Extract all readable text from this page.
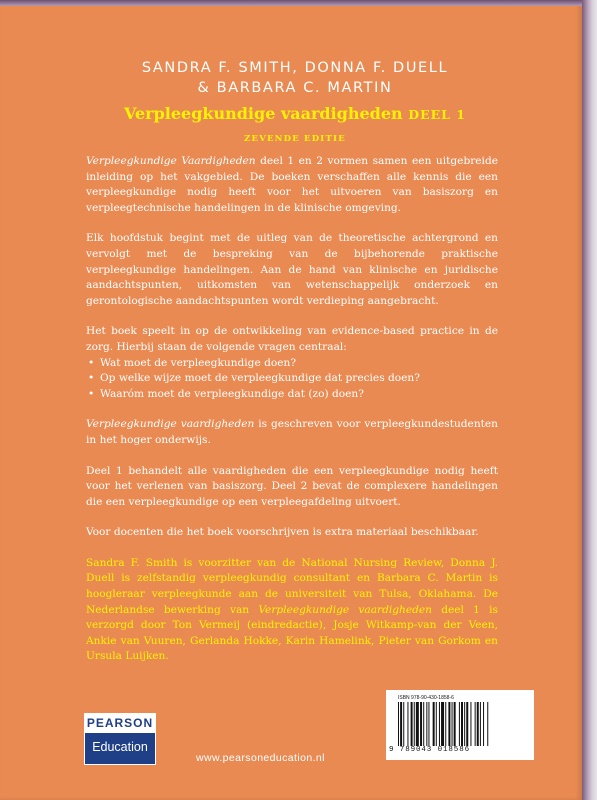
SANDRA F. SMITH, DONNA F. DUELL
& BARBARA C. MARTIN
Verpleegkundige vaardigheden DEEL 1
ZEVENDE EDITIE

Verpleegkundige Vaardigheden deel 1 en 2 vormen samen een uitgebreide inleiding op het vakgebied. De boeken verschaffen alle kennis die een verpleegkundige nodig heeft voor het uitvoeren van basiszorg en verpleegtechnische handelingen in de klinische omgeving.

Elk hoofdstuk begint met de uitleg van de theoretische achtergrond en vervolgt met de bespreking van de bijbehorende praktische verpleegkundige handelingen. Aan de hand van klinische en juridische aandachtspunten, uitkomsten van wetenschappelijk onderzoek en gerontologische aandachtspunten wordt verdieping aangebracht.

Het boek speelt in op de ontwikkeling van evidence-based practice in de zorg. Hierbij staan de volgende vragen centraal:

• Wat moet de verpleegkundige doen?
• Op welke wijze moet de verpleegkundige dat precies doen?
• Waaróm moet de verpleegkundige dat (zo) doen?

Verpleegkundige vaardigheden is geschreven voor verpleegkundestudenten in het hoger onderwijs.

Deel 1 behandelt alle vaardigheden die een verpleegkundige nodig heeft voor het verlenen van basiszorg. Deel 2 bevat de complexere handelingen die een verpleegkundige op een verpleegafdeling uitvoert.

Voor docenten die het boek voorschrijven is extra materiaal beschikbaar.

Sandra F. Smith is voorzitter van de National Nursing Review, Donna J. Duell is zelfstandig verpleegkundig consultant en Barbara C. Martin is hoogleraar verpleegkunde aan de universiteit van Tulsa, Oklahama. De Nederlandse bewerking van Verpleegkundige vaardigheden deel 1 is verzorgd door Ton Vermeij (eindredactie), Josje Witkamp-van der Veen, Ankie van Vuuren, Gerlanda Hokke, Karin Hamelink, Pieter van Gorkom en Ursula Luijken.

PEARSON
Education
www.pearsoneducation.nl
ISBN 978-90-430-1858-6
9 789043 018586
